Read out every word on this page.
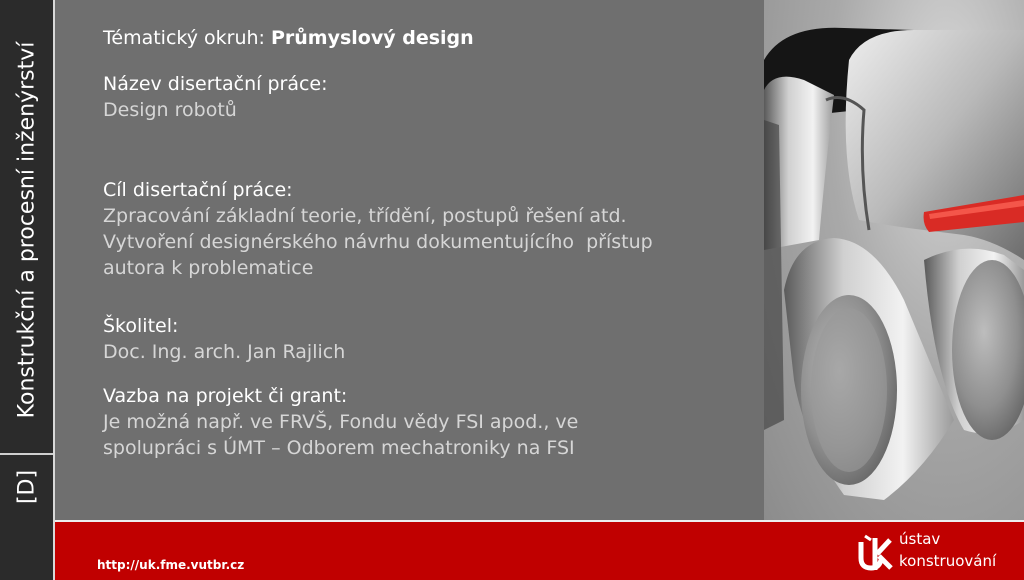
Konstrukční a procesní inženýrství
[D]
Tématický okruh: Průmyslový design
Název disertační práce:
Design robotů
Cíl disertační práce:
Zpracování základní teorie, třídění, postupů řešení atd.
Vytvoření designérského návrhu dokumentujícího  přístup
autora k problematice
Školitel:
Doc. Ing. arch. Jan Rajlich
Vazba na projekt či grant:
Je možná např. ve FRVŠ, Fondu vědy FSI apod., ve
spolupráci s ÚMT – Odborem mechatroniky na FSI
http://uk.fme.vutbr.cz
ústav
konstruování
